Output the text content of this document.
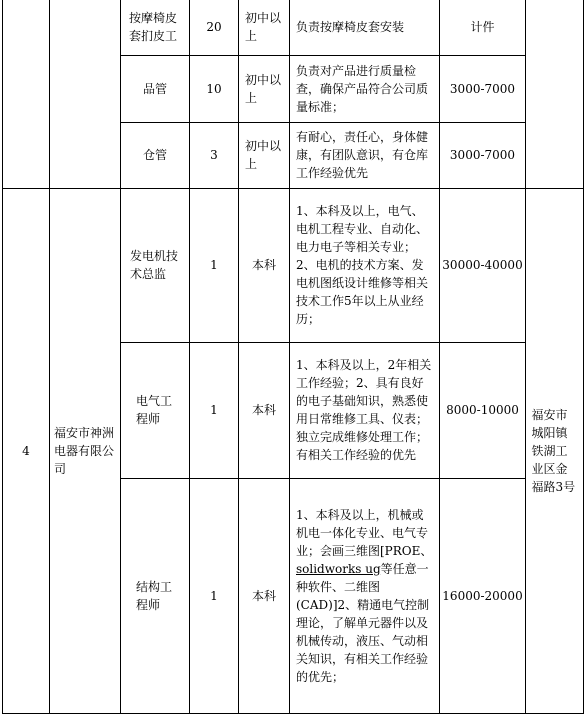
		按摩椅皮套扪皮工	20	初中以上	负责按摩椅皮套安装	计件	
		品管	10	初中以上	负责对产品进行质量检查，确保产品符合公司质量标准；	3000-7000	
		仓管	3	初中以上	有耐心，责任心，身体健康，有团队意识，有仓库工作经验优先	3000-7000	
4	福安市神洲电器有限公司	发电机技术总监	1	本科	1、本科及以上，电气、电机工程专业、自动化、电力电子等相关专业；2、电机的技术方案、发电机图纸设计维修等相关技术工作5年以上从业经历；	30000-40000	福安市城阳镇铁湖工业区金福路3号
		电气工程师	1	本科	1、本科及以上，2年相关工作经验；2、具有良好的电子基础知识，熟悉使用日常维修工具、仪表；独立完成维修处理工作；有相关工作经验的优先	8000-10000	
		结构工程师	1	本科	1、本科及以上，机械或机电一体化专业、电气专业；会画三维图[PROE、solidworks ug等任意一种软件、二维图(CAD)]2、精通电气控制理论，了解单元器件以及机械传动，液压、气动相关知识，有相关工作经验的优先；	16000-20000	
